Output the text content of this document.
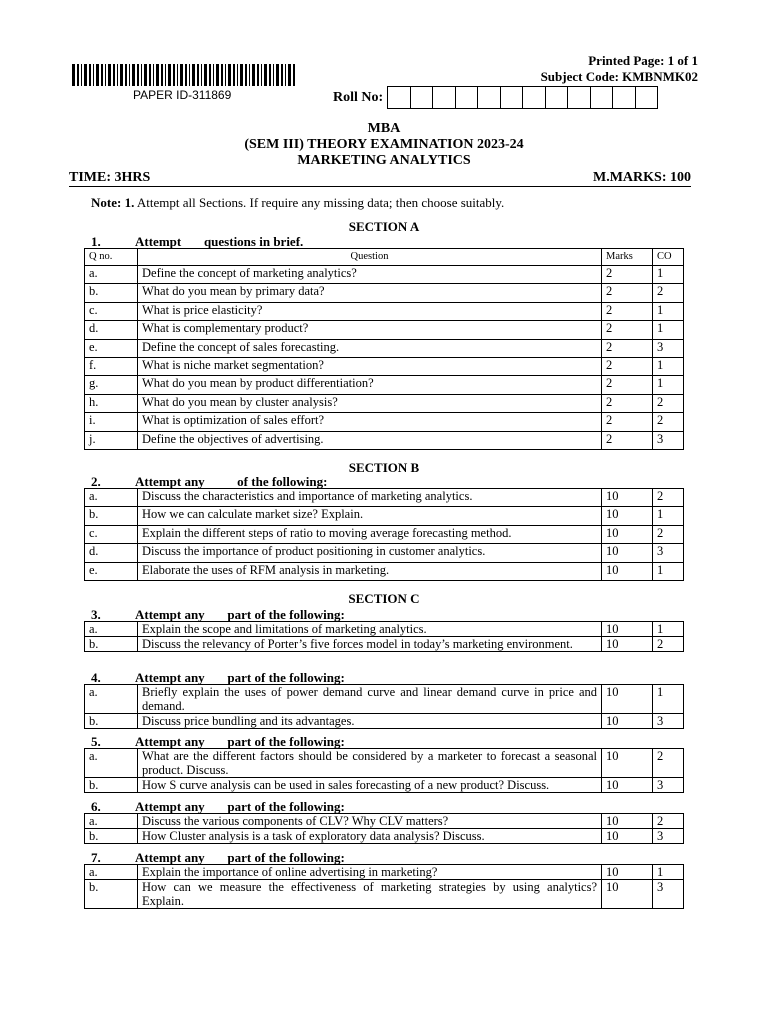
PAPER ID-311869
Printed Page: 1 of 1
Subject Code: KMBNMK02
Roll No:
MBA
(SEM III) THEORY EXAMINATION 2023-24
MARKETING ANALYTICS
TIME: 3HRS	M.MARKS: 100
Note: 1. Attempt all Sections. If require any missing data; then choose suitably.
SECTION A
1.	Attempt       questions in brief.
Q no.	Question	Marks	CO
a.	Define the concept of marketing analytics?	2	1
b.	What do you mean by primary data?	2	2
c.	What is price elasticity?	2	1
d.	What is complementary product?	2	1
e.	Define the concept of sales forecasting.	2	3
f.	What is niche market segmentation?	2	1
g.	What do you mean by product differentiation?	2	1
h.	What do you mean by cluster analysis?	2	2
i.	What is optimization of sales effort?	2	2
j.	Define the objectives of advertising.	2	3
SECTION B
2.	Attempt any          of the following:
a.	Discuss the characteristics and importance of marketing analytics.	10	2
b.	How we can calculate market size? Explain.	10	1
c.	Explain the different steps of ratio to moving average forecasting method.	10	2
d.	Discuss the importance of product positioning in customer analytics.	10	3
e.	Elaborate the uses of RFM analysis in marketing.	10	1
SECTION C
3.	Attempt any       part of the following:
a.	Explain the scope and limitations of marketing analytics.	10	1
b.	Discuss the relevancy of Porter’s five forces model in today’s marketing environment.	10	2
4.	Attempt any       part of the following:
a.	Briefly explain the uses of power demand curve and linear demand curve in price and demand.	10	1
b.	Discuss price bundling and its advantages.	10	3
5.	Attempt any       part of the following:
a.	What are the different factors should be considered by a marketer to forecast a seasonal product. Discuss.	10	2
b.	How S curve analysis can be used in sales forecasting of a new product? Discuss.	10	3
6.	Attempt any       part of the following:
a.	Discuss the various components of CLV? Why CLV matters?	10	2
b.	How Cluster analysis is a task of exploratory data analysis? Discuss.	10	3
7.	Attempt any       part of the following:
a.	Explain the importance of online advertising in marketing?	10	1
b.	How can we measure the effectiveness of marketing strategies by using analytics? Explain.	10	3
